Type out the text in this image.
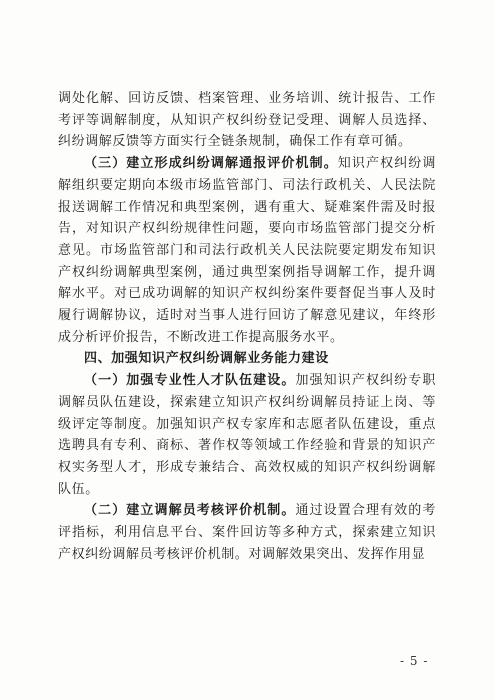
调处化解、回访反馈、档案管理、业务培训、统计报告、工作考评等调解制度，从知识产权纠纷登记受理、调解人员选择、纠纷调解反馈等方面实行全链条规制，确保工作有章可循。

（三）建立形成纠纷调解通报评价机制。知识产权纠纷调解组织要定期向本级市场监管部门、司法行政机关、人民法院报送调解工作情况和典型案例，遇有重大、疑难案件需及时报告，对知识产权纠纷规律性问题，要向市场监管部门提交分析意见。市场监管部门和司法行政机关人民法院要定期发布知识产权纠纷调解典型案例，通过典型案例指导调解工作，提升调解水平。对已成功调解的知识产权纠纷案件要督促当事人及时履行调解协议，适时对当事人进行回访了解意见建议，年终形成分析评价报告，不断改进工作提高服务水平。

四、加强知识产权纠纷调解业务能力建设

（一）加强专业性人才队伍建设。加强知识产权纠纷专职调解员队伍建设，探索建立知识产权纠纷调解员持证上岗、等级评定等制度。加强知识产权专家库和志愿者队伍建设，重点选聘具有专利、商标、著作权等领域工作经验和背景的知识产权实务型人才，形成专兼结合、高效权威的知识产权纠纷调解队伍。

（二）建立调解员考核评价机制。通过设置合理有效的考评指标，利用信息平台、案件回访等多种方式，探索建立知识产权纠纷调解员考核评价机制。对调解效果突出、发挥作用显

- 5 -
